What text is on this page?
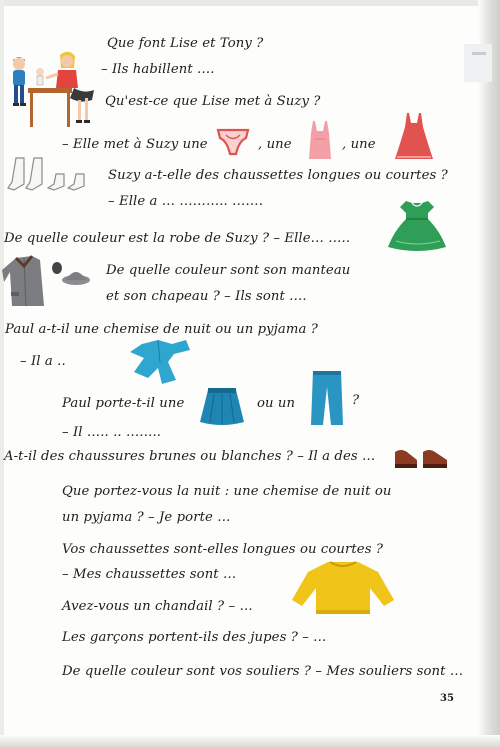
Que font Lise et Tony ?
– Ils habillent ….
Qu'est-ce que Lise met à Suzy ?
– Elle met à Suzy une	, une	, une
Suzy a-t-elle des chaussettes longues ou courtes ?
– Elle a … ……….. …….
De quelle couleur est la robe de Suzy ? – Elle… …..
De quelle couleur sont son manteau
et son chapeau ? – Ils sont ….
Paul a-t-il une chemise de nuit ou un pyjama ?
– Il a ..
Paul porte-t-il une	ou un	?
– Il ….. .. ……..
A-t-il des chaussures brunes ou blanches ? – Il a des …
Que portez-vous la nuit : une chemise de nuit ou
un pyjama ? – Je porte …
Vos chaussettes sont-elles longues ou courtes ?
– Mes chaussettes sont …
Avez-vous un chandail ? – …
Les garçons portent-ils des jupes ? – …
De quelle couleur sont vos souliers ? – Mes souliers sont …
35
